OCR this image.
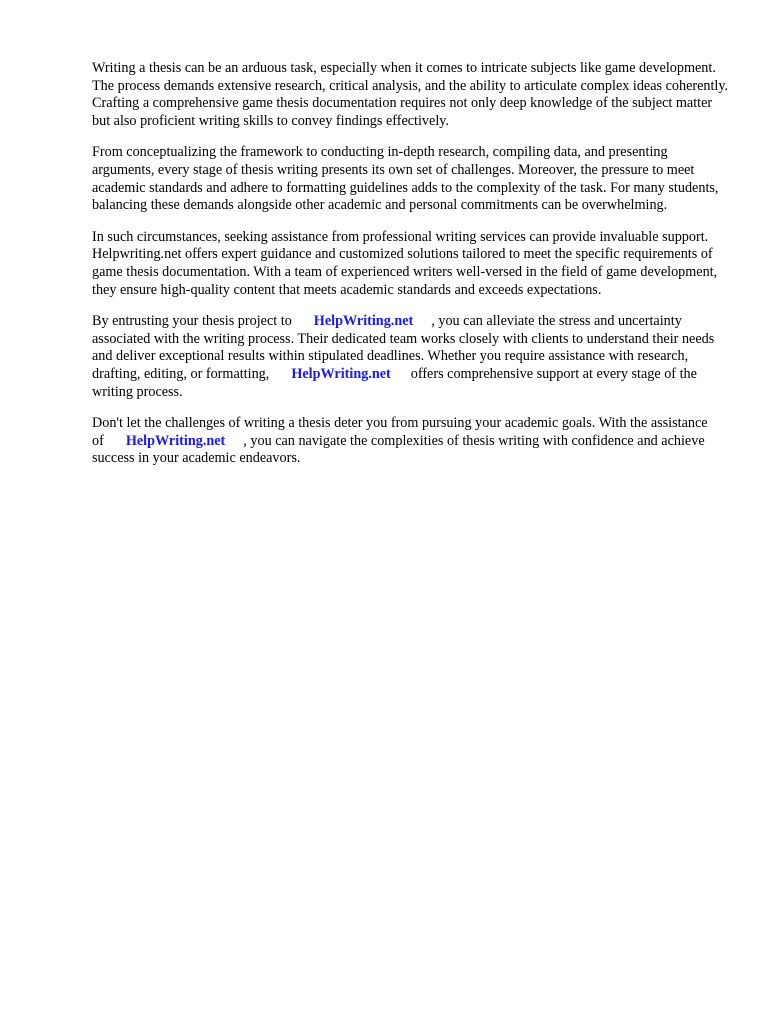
Writing a thesis can be an arduous task, especially when it comes to intricate subjects like game development. The process demands extensive research, critical analysis, and the ability to articulate complex ideas coherently. Crafting a comprehensive game thesis documentation requires not only deep knowledge of the subject matter but also proficient writing skills to convey findings effectively.

From conceptualizing the framework to conducting in-depth research, compiling data, and presenting arguments, every stage of thesis writing presents its own set of challenges. Moreover, the pressure to meet academic standards and adhere to formatting guidelines adds to the complexity of the task. For many students, balancing these demands alongside other academic and personal commitments can be overwhelming.

In such circumstances, seeking assistance from professional writing services can provide invaluable support. Helpwriting.net offers expert guidance and customized solutions tailored to meet the specific requirements of game thesis documentation. With a team of experienced writers well-versed in the field of game development, they ensure high-quality content that meets academic standards and exceeds expectations.

By entrusting your thesis project to HelpWriting.net , you can alleviate the stress and uncertainty associated with the writing process. Their dedicated team works closely with clients to understand their needs and deliver exceptional results within stipulated deadlines. Whether you require assistance with research, drafting, editing, or formatting, HelpWriting.net offers comprehensive support at every stage of the writing process.

Don't let the challenges of writing a thesis deter you from pursuing your academic goals. With the assistance of HelpWriting.net , you can navigate the complexities of thesis writing with confidence and achieve success in your academic endeavors.
